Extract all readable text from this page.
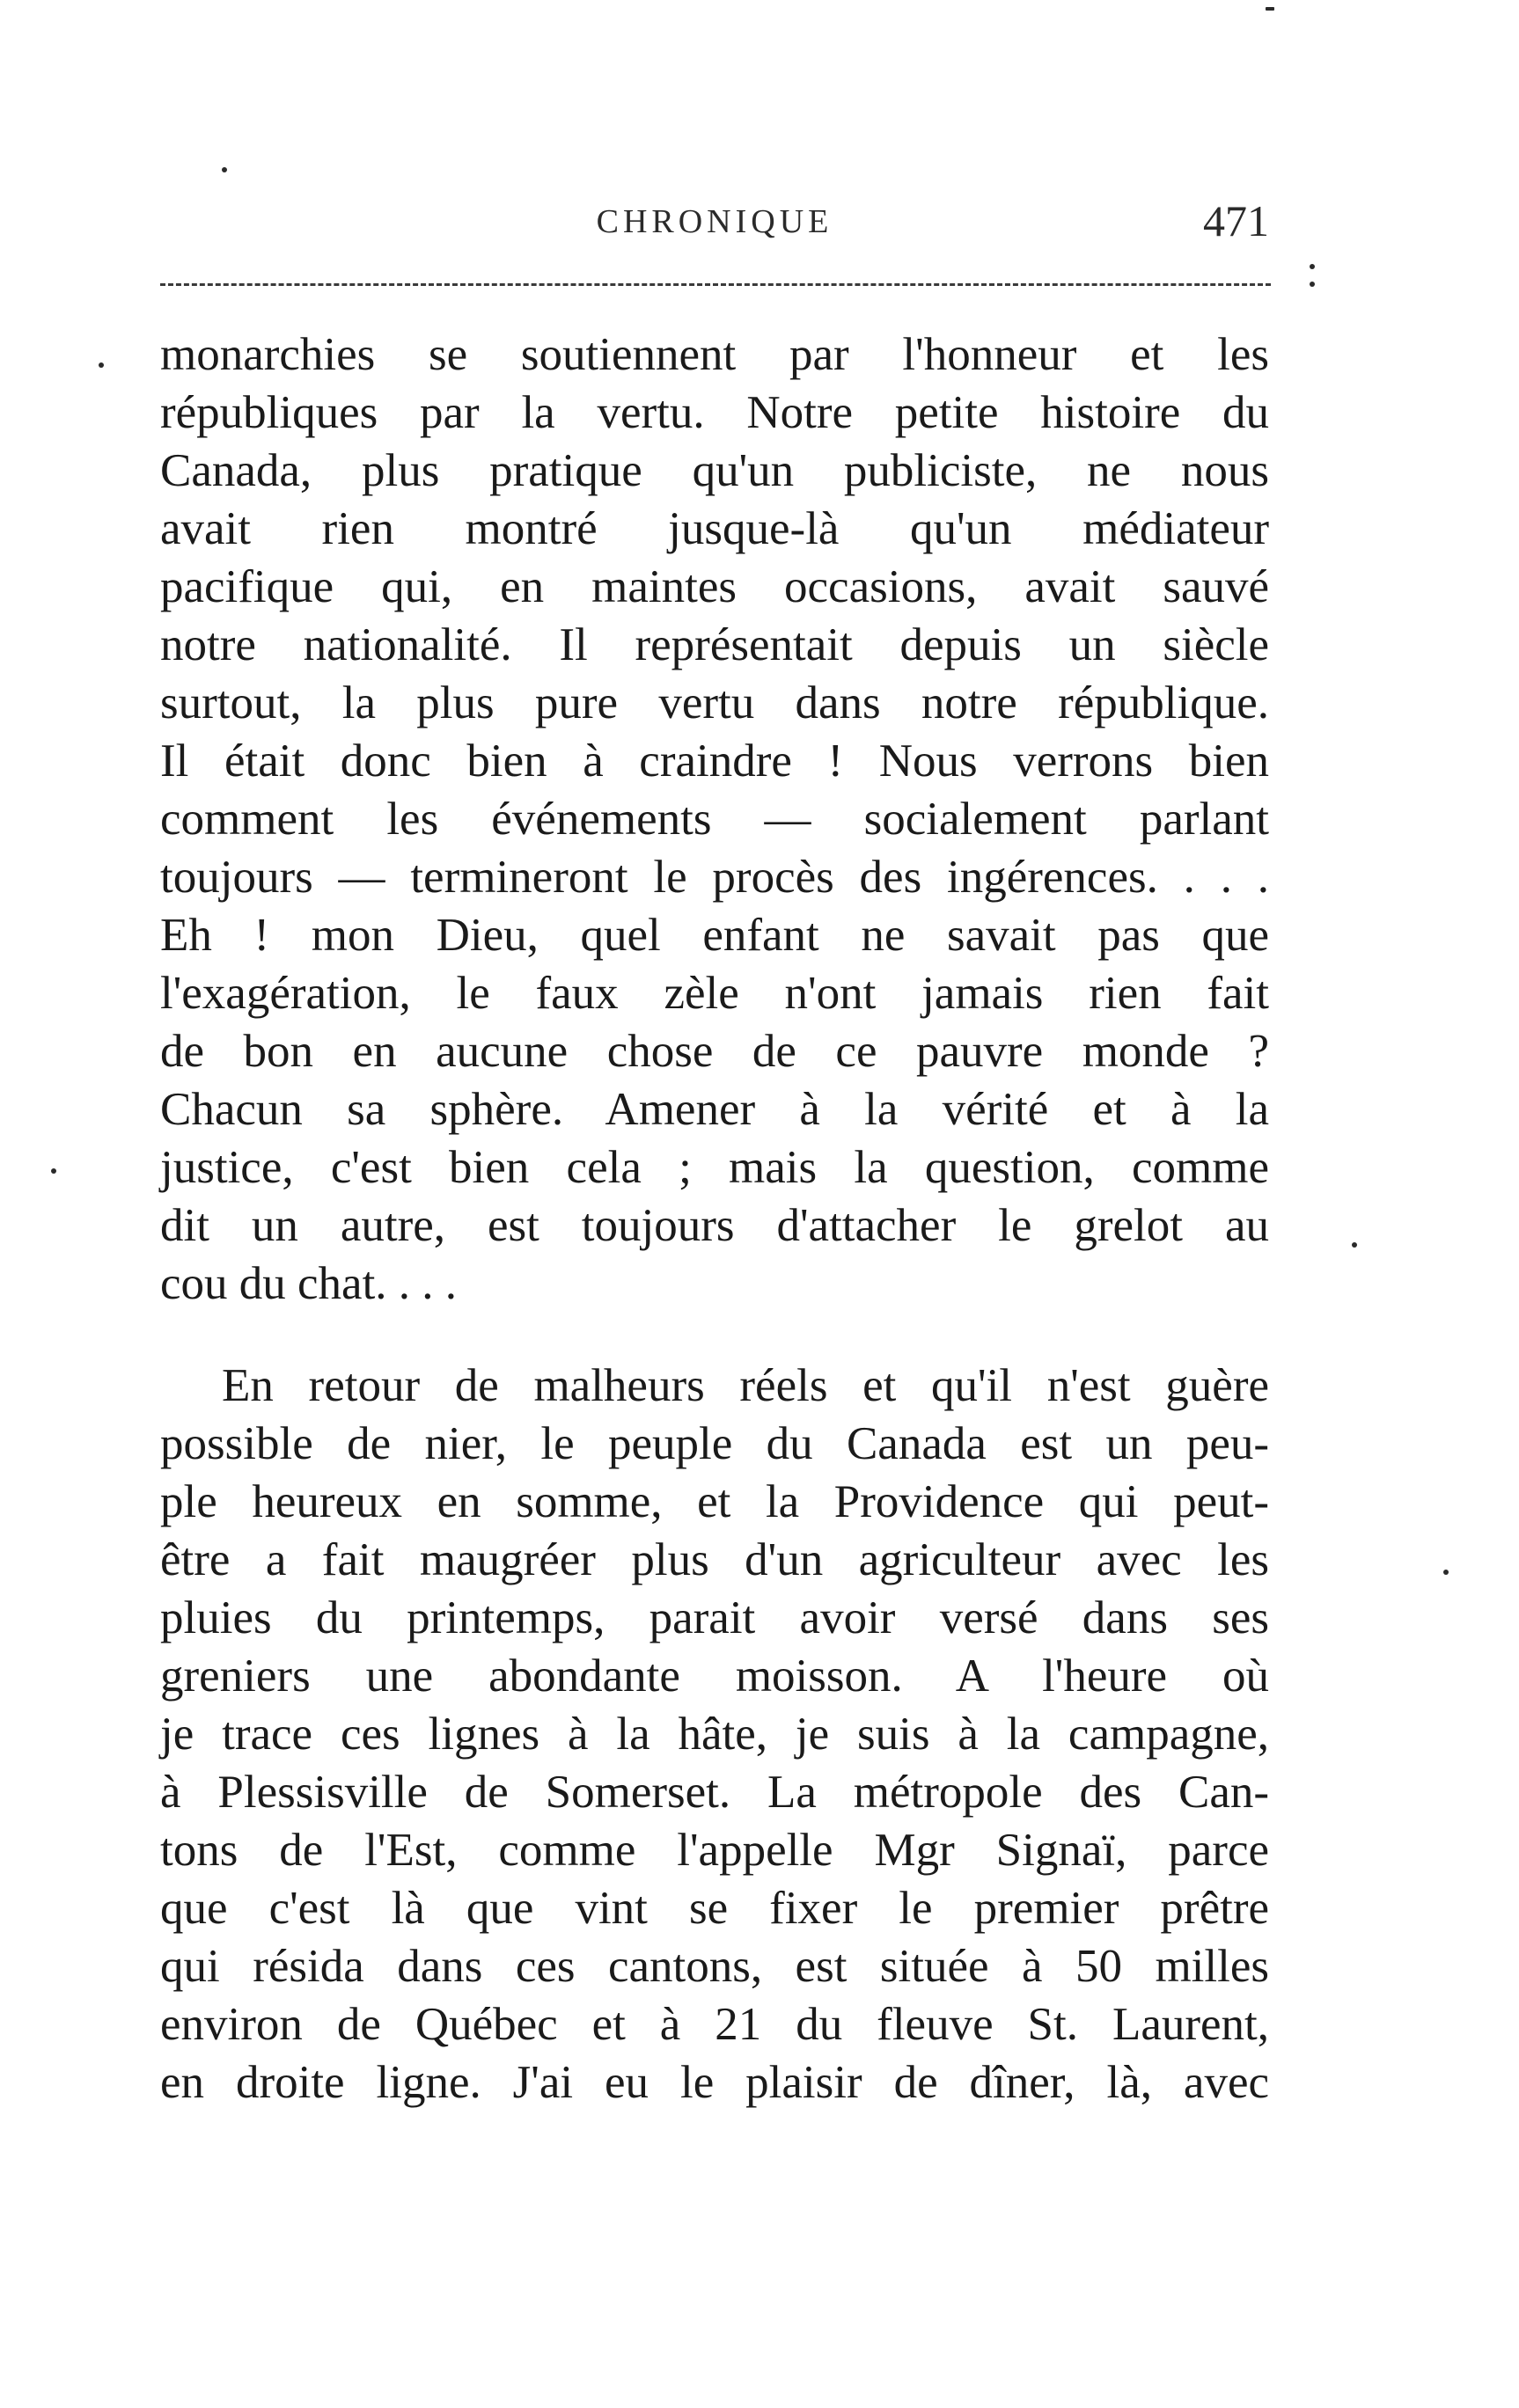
CHRONIQUE	471
monarchies se soutiennent par l'honneur et les
républiques par la vertu. Notre petite histoire du
Canada, plus pratique qu'un publiciste, ne nous
avait rien montré jusque-là qu'un médiateur
pacifique qui, en maintes occasions, avait sauvé
notre nationalité. Il représentait depuis un siècle
surtout, la plus pure vertu dans notre république.
Il était donc bien à craindre ! Nous verrons bien
comment les événements — socialement parlant
toujours — termineront le procès des ingérences. . . .
Eh ! mon Dieu, quel enfant ne savait pas que
l'exagération, le faux zèle n'ont jamais rien fait
de bon en aucune chose de ce pauvre monde ?
Chacun sa sphère. Amener à la vérité et à la
justice, c'est bien cela ; mais la question, comme
dit un autre, est toujours d'attacher le grelot au
cou du chat. . . .
En retour de malheurs réels et qu'il n'est guère
possible de nier, le peuple du Canada est un peu-
ple heureux en somme, et la Providence qui peut-
être a fait maugréer plus d'un agriculteur avec les
pluies du printemps, parait avoir versé dans ses
greniers une abondante moisson. A l'heure où
je trace ces lignes à la hâte, je suis à la campagne,
à Plessisville de Somerset. La métropole des Can-
tons de l'Est, comme l'appelle Mgr Signaï, parce
que c'est là que vint se fixer le premier prêtre
qui résida dans ces cantons, est située à 50 milles
environ de Québec et à 21 du fleuve St. Laurent,
en droite ligne. J'ai eu le plaisir de dîner, là, avec
